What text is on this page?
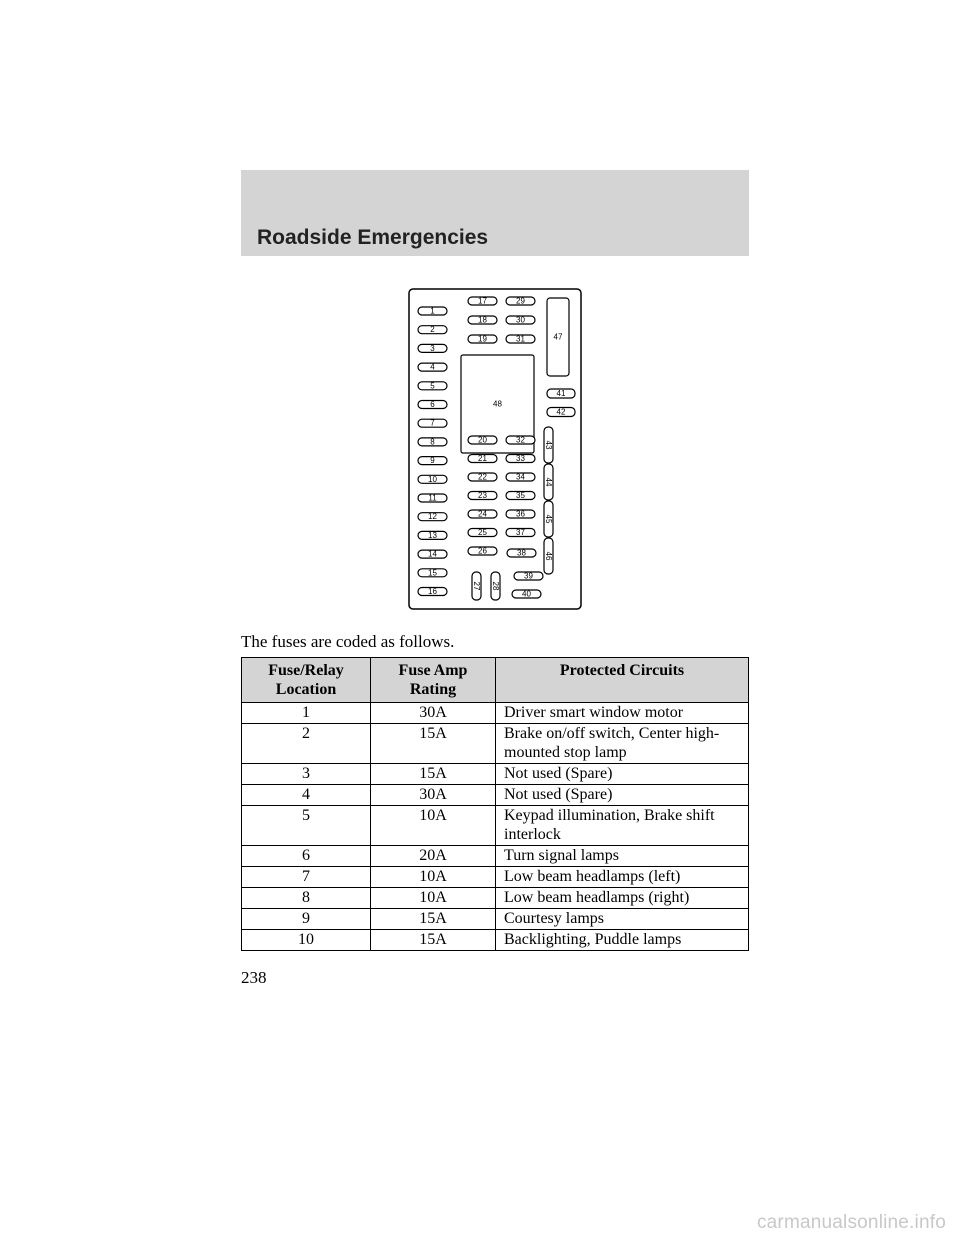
Roadside Emergencies
1
2
3
4
5
6
7
8
9
10
11
12
13
14
15
16
17
18
19
29
30
31	47
48
41
42
20
21
22
23
24
25
26
32
33
34
35
36
37
38
43
44
45
46
27 28
39
40
The fuses are coded as follows.
Fuse/Relay Location	Fuse Amp Rating	Protected Circuits
1	30A	Driver smart window motor
2	15A	Brake on/off switch, Center high-mounted stop lamp
3	15A	Not used (Spare)
4	30A	Not used (Spare)
5	10A	Keypad illumination, Brake shift interlock
6	20A	Turn signal lamps
7	10A	Low beam headlamps (left)
8	10A	Low beam headlamps (right)
9	15A	Courtesy lamps
10	15A	Backlighting, Puddle lamps
238
carmanualsonline.info
